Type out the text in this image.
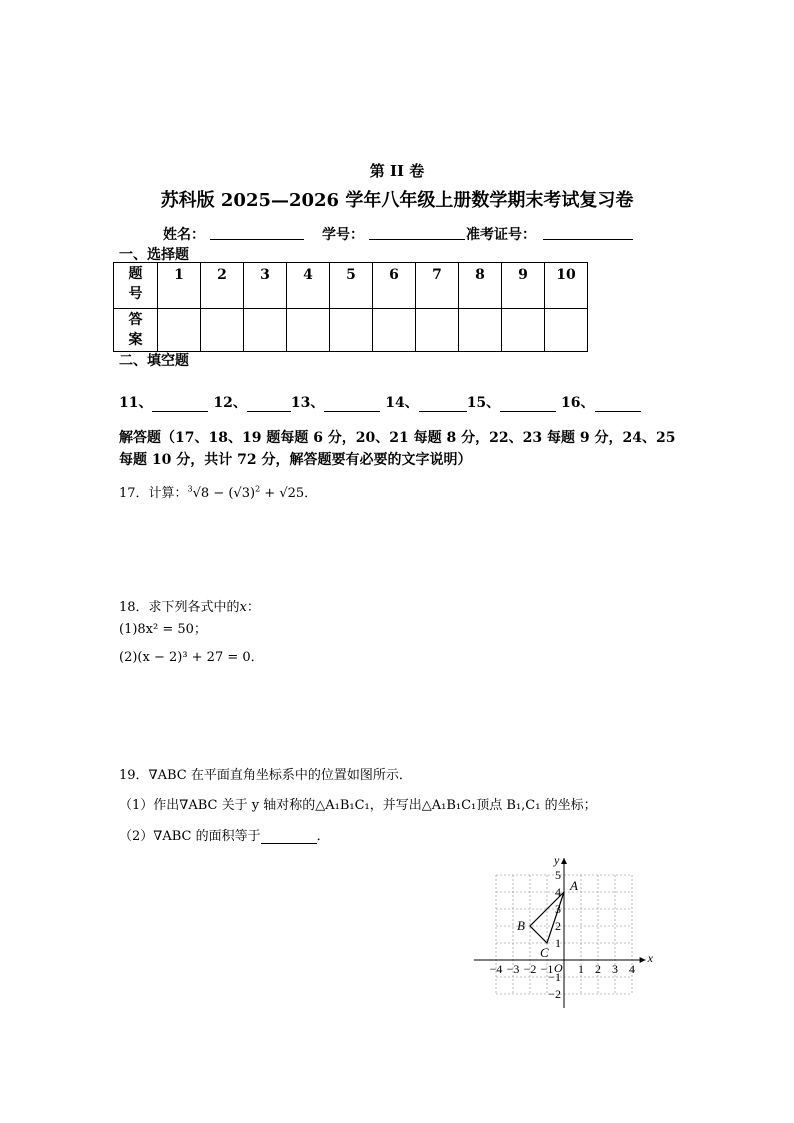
第 II 卷
苏科版 2025—2026 学年八年级上册数学期末考试复习卷
姓名：	学号：	准考证号：
一、选择题
题
号	1	2	3	4	5	6	7	8	9	10

答
案										

二、填空题
11、	12、	13、	14、	15、	16、
解答题（17、18、19 题每题 6 分，20、21 每题 8 分，22、23 每题 9 分，24、25
每题 10 分，共计 72 分，解答题要有必要的文字说明）
17．计算：$^3√8 - (√3)^2 + √25$．
18．求下列各式中的x：
(1)8x² = 50；
(2)(x − 2)³ + 27 = 0．
19．∇ABC 在平面直角坐标系中的位置如图所示．
（1）作出∇ABC 关于 y 轴对称的△A₁B₁C₁，并写出△A₁B₁C₁顶点 B₁,C₁ 的坐标；
（2）∇ABC 的面积等于	．
x
y
O
−4 −3 −2 −1 1 2 3 4
5
4
3
2
1
−1
−2
A
B
C
